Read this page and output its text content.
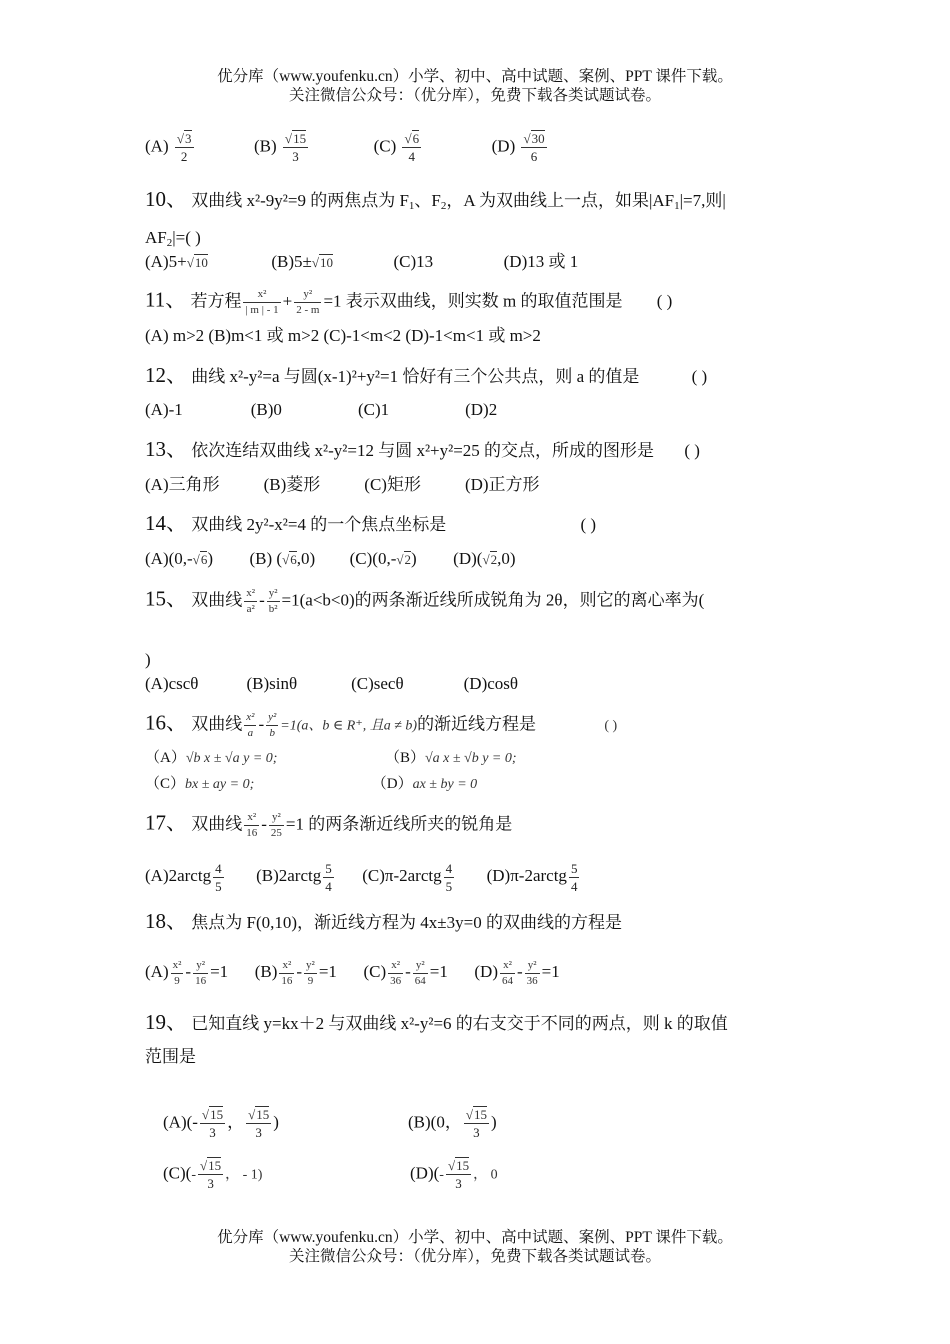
优分库（www.youfenku.cn）小学、初中、高中试题、案例、PPT 课件下载。
关注微信公众号：（优分库），免费下载各类试题试卷。
$(A) \frac{√3}{2}$	$(B) \frac{√15}{3}$	$(C) \frac{√6}{4}$	$(D) \frac{√30}{6}$
10、 双曲线 x²-9y²=9 的两焦点为 $F_1$、$F_2$，A 为双曲线上一点，如果$|AF_1|=7$,则|
$AF_2|=$( )
(A)5+√10	(B)5±√10	(C)13	(D)13 或 1
11、 若方程 $\frac{\text{x²}}{| m | - 1} + \frac{\text{y²}}{2 - m} =1$ 表示双曲线，则实数 m 的取值范围是 ( )
(A) m>2 (B)m<1 或 m>2 (C)-1<m<2 (D)-1<m<1 或 m>2
12、 曲线 x²-y²=a 与圆(x-1)²+y²=1 恰好有三个公共点，则 a 的值是	( )
(A)-1	(B)0	(C)1	(D)2
13、 依次连结双曲线 x²-y²=12 与圆 x²+y²=25 的交点，所成的图形是 ( )
(A)三角形	(B)菱形	(C)矩形	(D)正方形
14、 双曲线 2y²-x²=4 的一个焦点坐标是	( )
(A)(0,-√6) (B) (√6,0) (C)(0,-√2) (D)(√2,0)
15、 双曲线 $\frac{\text{x²}}{\text{a²}} - \frac{\text{y²}}{\text{b²}} =1(a<b<0)$的两条渐近线所成锐角为 2θ，则它的离心率为(
)
(A)cscθ	(B)sinθ	(C)secθ	(D)cosθ
16、 双曲线 $\frac{\text{x²}}{a} - \frac{\text{y²}}{b} =1(a$、b ∈ R⁺, 且a ≠ b)的渐近线方程是	( )
（A）√b x ± √a y = 0;	（B）√a x ± √b y = 0;
（C）bx ± ay = 0;	（D）ax ± by = 0
17、 双曲线 $\frac{\text{x²}}{16} - \frac{\text{y²}}{25} =1$ 的两条渐近线所夹的锐角是
(A)2arctg $\frac{4}{5}$ (B)2arctg $\frac{5}{4}$ (C)π-2arctg $\frac{4}{5}$ (D)π-2arctg $\frac{5}{4}$
18、 焦点为 F(0,10)，渐近线方程为 4x±3y=0 的双曲线的方程是
$(A) \frac{\text{x²}}{9} - \frac{\text{y²}}{16} =1$ $(B) \frac{\text{x²}}{16} - \frac{\text{y²}}{9} =1$ $(C) \frac{\text{x²}}{36} - \frac{\text{y²}}{64} =1$ $(D) \frac{\text{x²}}{64} - \frac{\text{y²}}{36} =1$
19、 已知直线 y=kx＋2 与双曲线 x²-y²=6 的右支交于不同的两点，则 k 的取值
范围是
$(A)(- \frac{√15}{3}$ ， $\frac{√15}{3}$ )	(B)(0， $\frac{√15}{3}$ )
$(C)(- \frac{√15}{3}$ ， - 1)	$(D)(- \frac{√15}{3}$ ， 0
优分库（www.youfenku.cn）小学、初中、高中试题、案例、PPT 课件下载。
关注微信公众号：（优分库），免费下载各类试题试卷。
